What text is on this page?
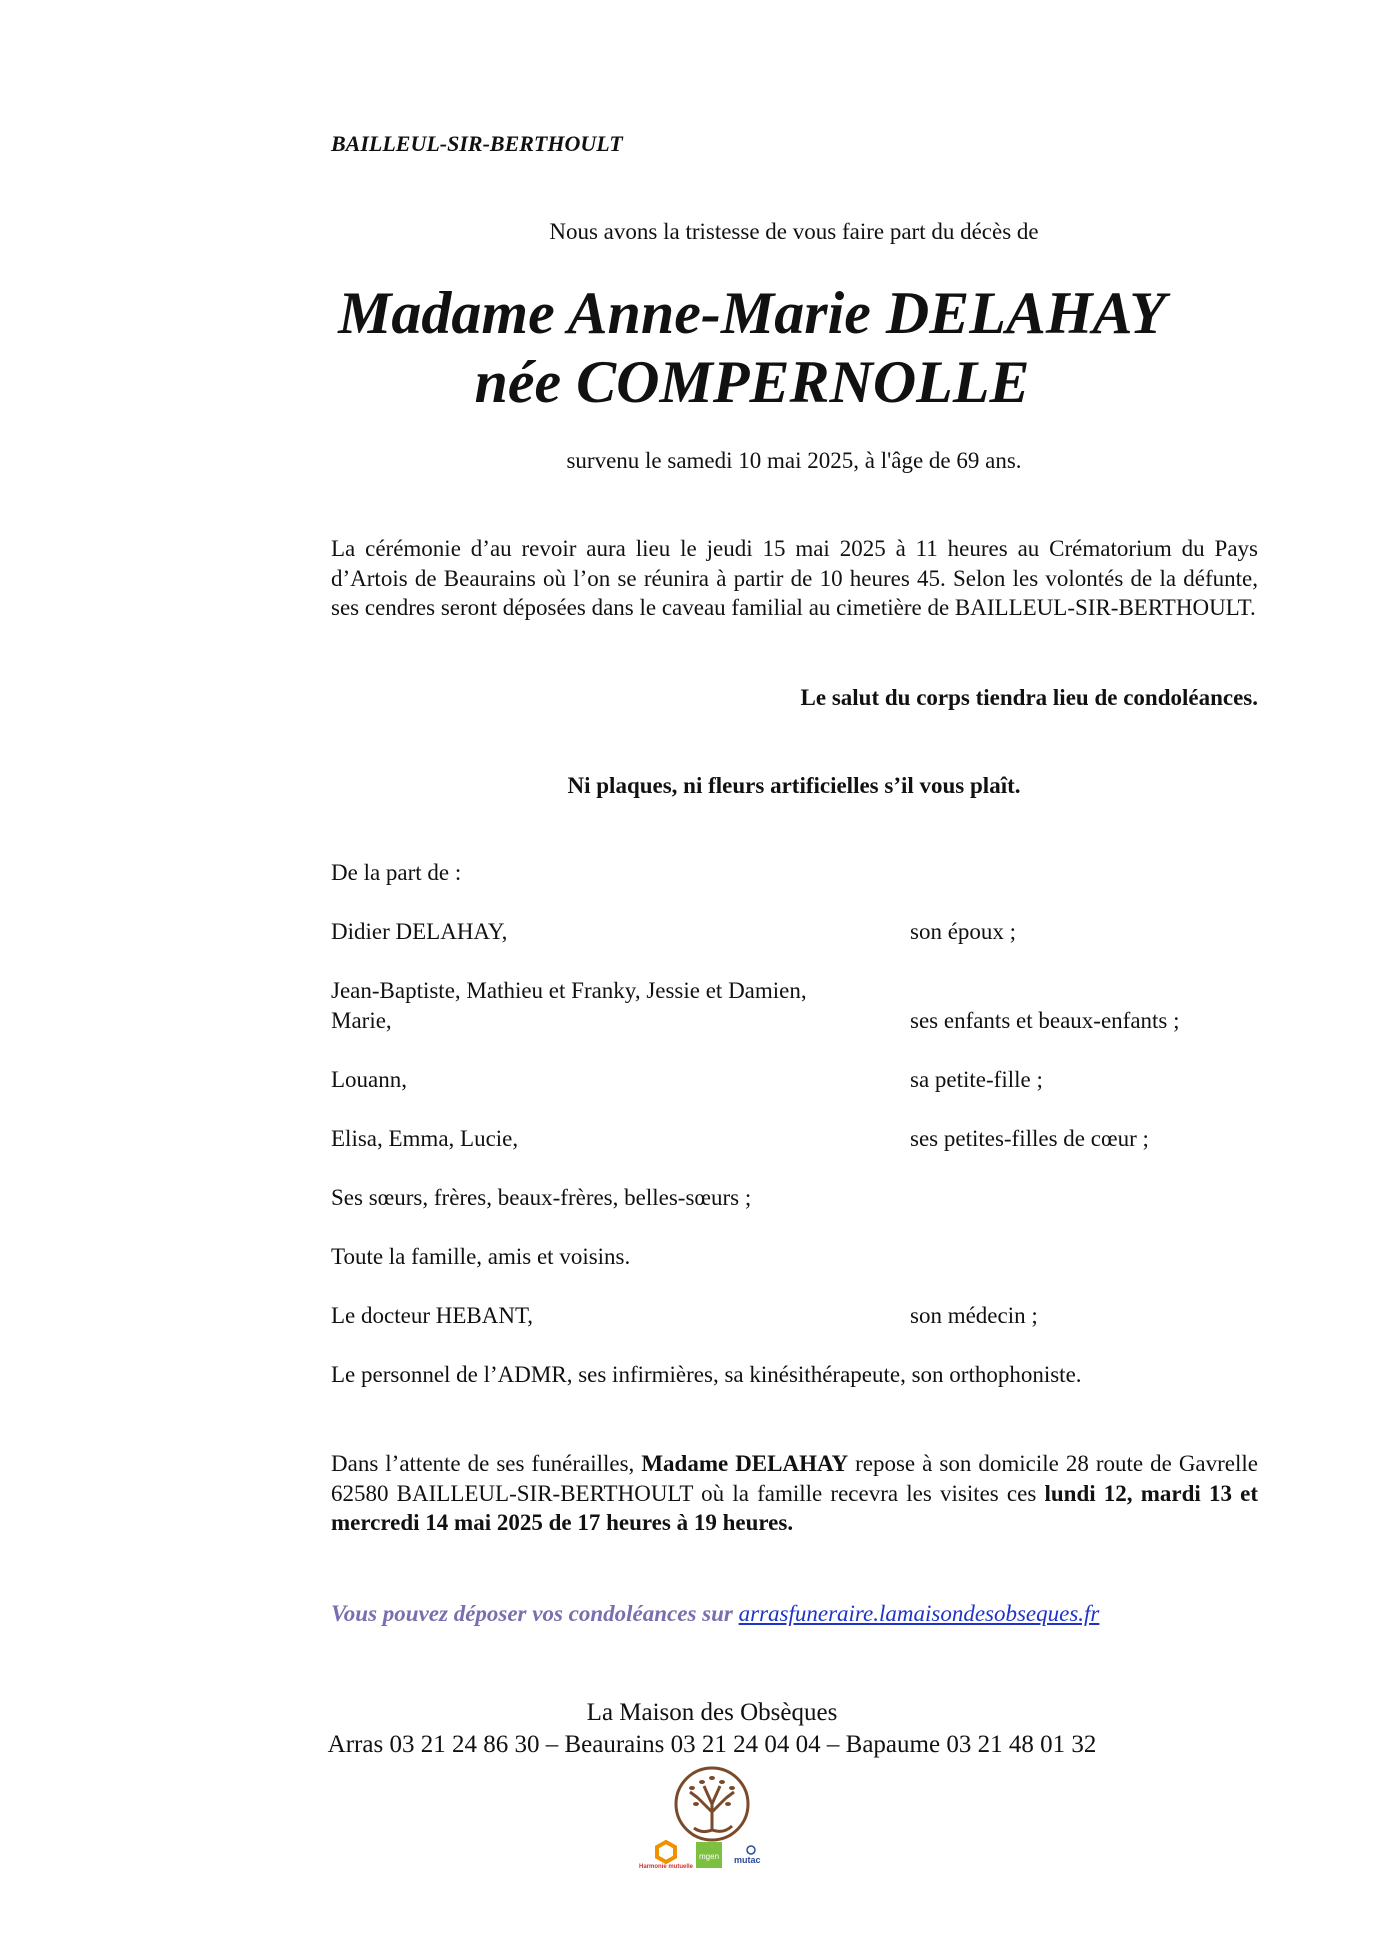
BAILLEUL-SIR-BERTHOULT
Nous avons la tristesse de vous faire part du décès de
Madame Anne-Marie DELAHAY
née COMPERNOLLE
survenu le samedi 10 mai 2025, à l'âge de 69 ans.
La cérémonie d’au revoir aura lieu le jeudi 15 mai 2025 à 11 heures au Crématorium du Pays d’Artois de Beaurains où l’on se réunira à partir de 10 heures 45. Selon les volontés de la défunte, ses cendres seront déposées dans le caveau familial au cimetière de BAILLEUL-SIR-BERTHOULT.
Le salut du corps tiendra lieu de condoléances.
Ni plaques, ni fleurs artificielles s’il vous plaît.
De la part de :
Didier DELAHAY,	son époux ;
Jean-Baptiste, Mathieu et Franky, Jessie et Damien,
Marie,	ses enfants et beaux-enfants ;
Louann,	sa petite-fille ;
Elisa, Emma, Lucie,	ses petites-filles de cœur ;
Ses sœurs, frères, beaux-frères, belles-sœurs ;
Toute la famille, amis et voisins.
Le docteur HEBANT,	son médecin ;
Le personnel de l’ADMR, ses infirmières, sa kinésithérapeute, son orthophoniste.
Dans l’attente de ses funérailles, Madame DELAHAY repose à son domicile 28 route de Gavrelle 62580 BAILLEUL-SIR-BERTHOULT où la famille recevra les visites ces lundi 12, mardi 13 et mercredi 14 mai 2025 de 17 heures à 19 heures.
Vous pouvez déposer vos condoléances sur arrasfuneraire.lamaisondesobseques.fr
La Maison des Obsèques
Arras 03 21 24 86 30 – Beaurains 03 21 24 04 04 – Bapaume 03 21 48 01 32
Harmonie mutuelle
mgen mutac
